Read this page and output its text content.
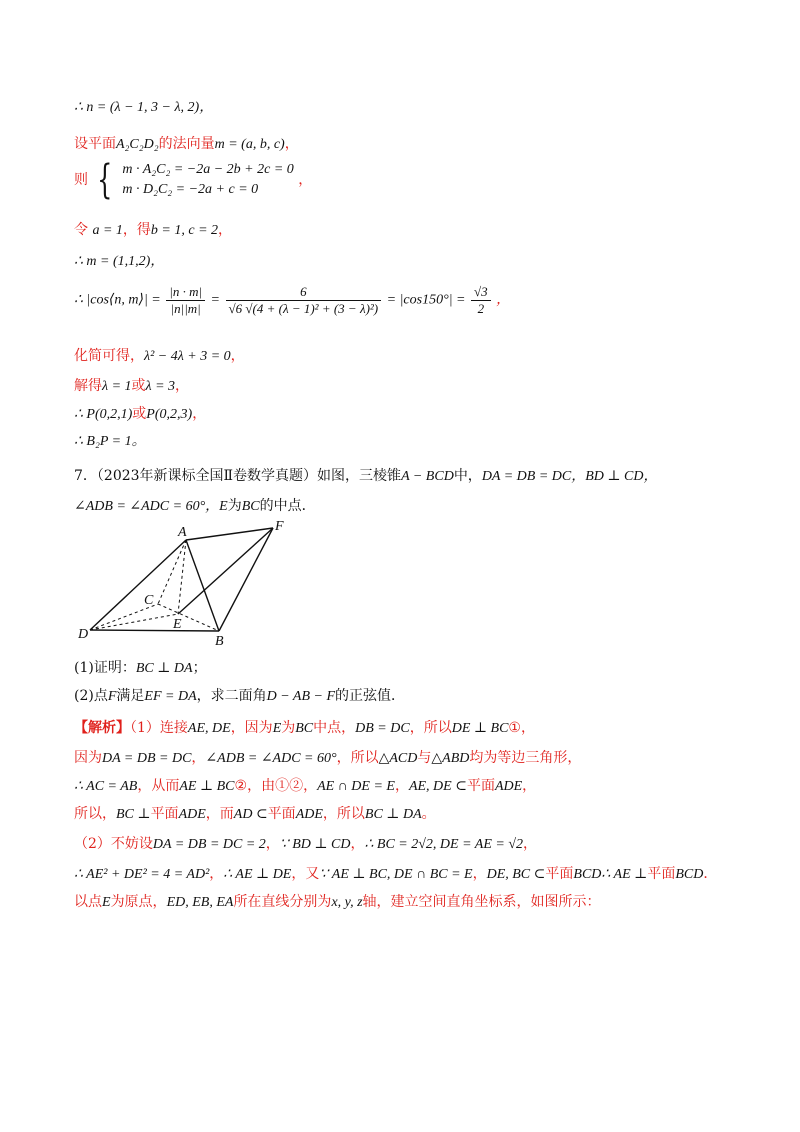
∴ n = (λ − 1, 3 − λ, 2)，
设平面A₂C₂D₂的法向量m = (a, b, c)，
则 { m · A₂C₂ = −2a − 2b + 2c = 0
m · D₂C₂ = −2a + c = 0
，
令 a = 1，得b = 1, c = 2，
∴ m = (1,1,2)，
∴ |cos⟨n, m⟩| = $\frac{|n \cdot m|}{|n||m|} = \frac{6}{\text{√6 √(4 + (λ − 1)² + (3 − λ)²)}} = |\cos 150^\circ| = \frac{√3}{2}$ ，
化简可得，λ² − 4λ + 3 = 0，
解得λ = 1或λ = 3，
∴ P(0,2,1)或P(0,2,3)，
∴ B₂P = 1。
7．（2023年新课标全国Ⅱ卷数学真题）如图，三棱锥A − BCD中，DA = DB = DC，BD ⊥ CD，
∠ADB = ∠ADC = 60°，E为BC的中点．
A	F
C
E
D	B
(1)证明：BC ⊥ DA；
(2)点F满足EF = DA，求二面角D − AB − F的正弦值．
【解析】（1）连接AE, DE，因为E为BC中点，DB = DC，所以DE ⊥ BC①，
因为DA = DB = DC，∠ADB = ∠ADC = 60°，所以△ACD与△ABD均为等边三角形，
∴ AC = AB，从而AE ⊥ BC②，由①②，AE ∩ DE = E，AE, DE ⊂平面ADE，
所以，BC ⊥平面ADE，而AD ⊂平面ADE，所以BC ⊥ DA。
（2）不妨设DA = DB = DC = 2，∵ BD ⊥ CD，∴ BC = 2√2, DE = AE = √2，
∴ AE² + DE² = 4 = AD²，∴ AE ⊥ DE，又∵ AE ⊥ BC, DE ∩ BC = E，DE, BC ⊂平面BCD∴ AE ⊥平面BCD．
以点E为原点，ED, EB, EA所在直线分别为x, y, z轴，建立空间直角坐标系，如图所示：
